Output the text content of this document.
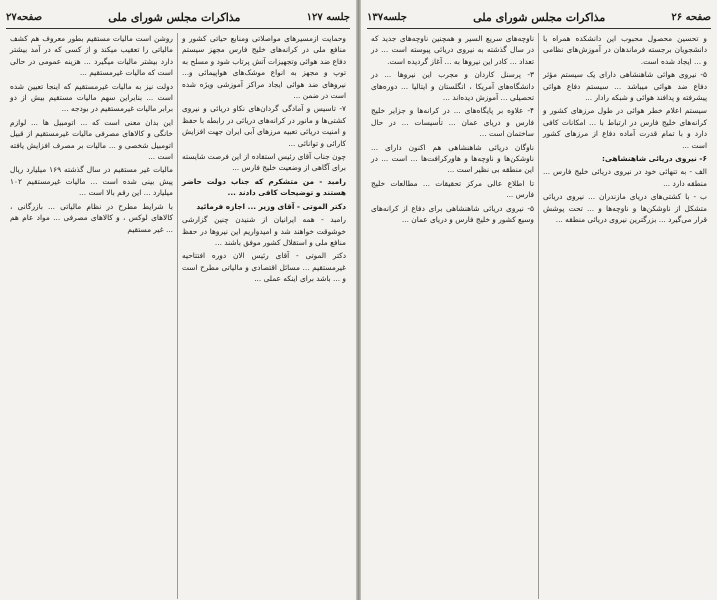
جلسه ۱۲۷
مذاکرات مجلس شورای ملی
صفحه۲۷

وحمایت ازمسیرهای مواصلاتی ومنابع حیاتی کشور و منافع ملی در کرانه‌های خلیج فارس مجهز سیستم دفاع ضد هوائی وتجهیزات آتش پرتاب شود و مسلح به توپ و مجهز به انواع موشک‌های هواپیمائی و... نیروهای ضد هوائی ایجاد مراکز آموزشی ویژه شده است در ضمن ...

۷- تاسیس و آمادگی گردان‌های نکاو دریائی و نیروی کشتی‌ها و مانور در کرانه‌های دریائی در رابطه با حفظ و امنیت دریائی تعبیه مرزهای آبی ایران جهت افزایش کارائی و توانائی ...

چون جناب آقای رئیس استفاده از این فرصت شایسته برای آگاهی از وضعیت خلیج فارس ...

رامبد - من متشکرم که جناب دولت حاضر هستند و توضیحات کافی دادند ...

دکتر الموتی - آقای وزیر ... اجازه فرمائید

رامبد - همه ایرانیان از شنیدن چنین گزارشی خوشوقت خواهند شد و امیدواریم این نیروها در حفظ منافع ملی و استقلال کشور موفق باشند ...

دکتر الموتی - آقای رئیس الان دوره افتتاحیه غیرمستقیم ... مسائل اقتصادی و مالیاتی مطرح است و ... باشد برای اینکه عملی ...

روشن است مالیات مستقیم بطور معروف هم کشف مالیاتی را تعقیب میکند و از کسی که در آمد بیشتر دارد بیشتر مالیات میگیرد ... هزینه عمومی در حالی است که مالیات غیرمستقیم ...

دولت نیز به مالیات غیرمستقیم که اینجا تعیین شده است ... بنابراین سهم مالیات مستقیم بیش از دو برابر مالیات غیرمستقیم در بودجه ...

این بدان معنی است که ... اتومبیل ها ... لوازم خانگی و کالاهای مصرفی مالیات غیرمستقیم از قبیل اتومبیل شخصی و ... مالیات بر مصرف افزایش یافته است ...

مالیات غیر مستقیم در سال گذشته ۱۶۹ میلیارد ریال پیش بینی شده است ... مالیات غیرمستقیم ۱۰۲ میلیارد ... این رقم بالا است ...

با شرایط مطرح در نظام مالیاتی ... بازرگانی ، کالاهای لوکس ، و کالاهای مصرفی ... مواد عام هم ... غیر مستقیم

صفحه ۲۶
مذاکرات مجلس شورای ملی
جلسه۱۳۷

و تحسین محصول محبوب این دانشکده همراه با دانشجویان برجسته فرماندهان در آموزش‌های نظامی و ... ایجاد شده است.

۵- نیروی هوائی شاهنشاهی دارای یک سیستم مؤثر دفاع ضد هوائی میباشد ... سیستم دفاع هوائی پیشرفته و پدافند هوائی و شبکه رادار ...

سیستم اعلام خطر هوائی در طول مرزهای کشور و کرانه‌های خلیج فارس در ارتباط با ... امکانات کافی دارد و با تمام قدرت آماده دفاع از مرزهای کشور است ...

۶- نیروی دریائی شاهنشاهی:

الف - به تنهائی خود در نیروی دریائی خلیج فارس ... منطقه دارد ...

ب - با کشتی‌های دریای مازندران ... نیروی دریائی متشکل از ناوشکن‌ها و ناوچه‌ها و ... تحت پوشش قرار می‌گیرد ... بزرگترین نیروی دریائی منطقه ...

ناوچه‌های سریع السیر و همچنین ناوچه‌های جدید که در سال گذشته به نیروی دریائی پیوسته است ... در تعداد ... کادر این نیروها به ... آغاز گردیده است.

۳- پرسنل کاردان و مجرب این نیروها ... در دانشگاه‌های آمریکا ، انگلستان و ایتالیا ... دوره‌های تحصیلی ... آموزش دیده‌اند ...

۴- علاوه بر پایگاه‌های ... در کرانه‌ها و جزایر خلیج فارس و دریای عمان ... تأسیسات ... در حال ساختمان است ...

ناوگان دریائی شاهنشاهی هم اکنون دارای ... ناوشکن‌ها و ناوچه‌ها و هاورکرافت‌ها ... است ... در این منطقه بی نظیر است ...

تا اطلاع عالی مرکز تحقیقات ... مطالعات خلیج فارس ...

۵- نیروی دریائی شاهنشاهی برای دفاع از کرانه‌های وسیع کشور و خلیج فارس و دریای عمان ...
